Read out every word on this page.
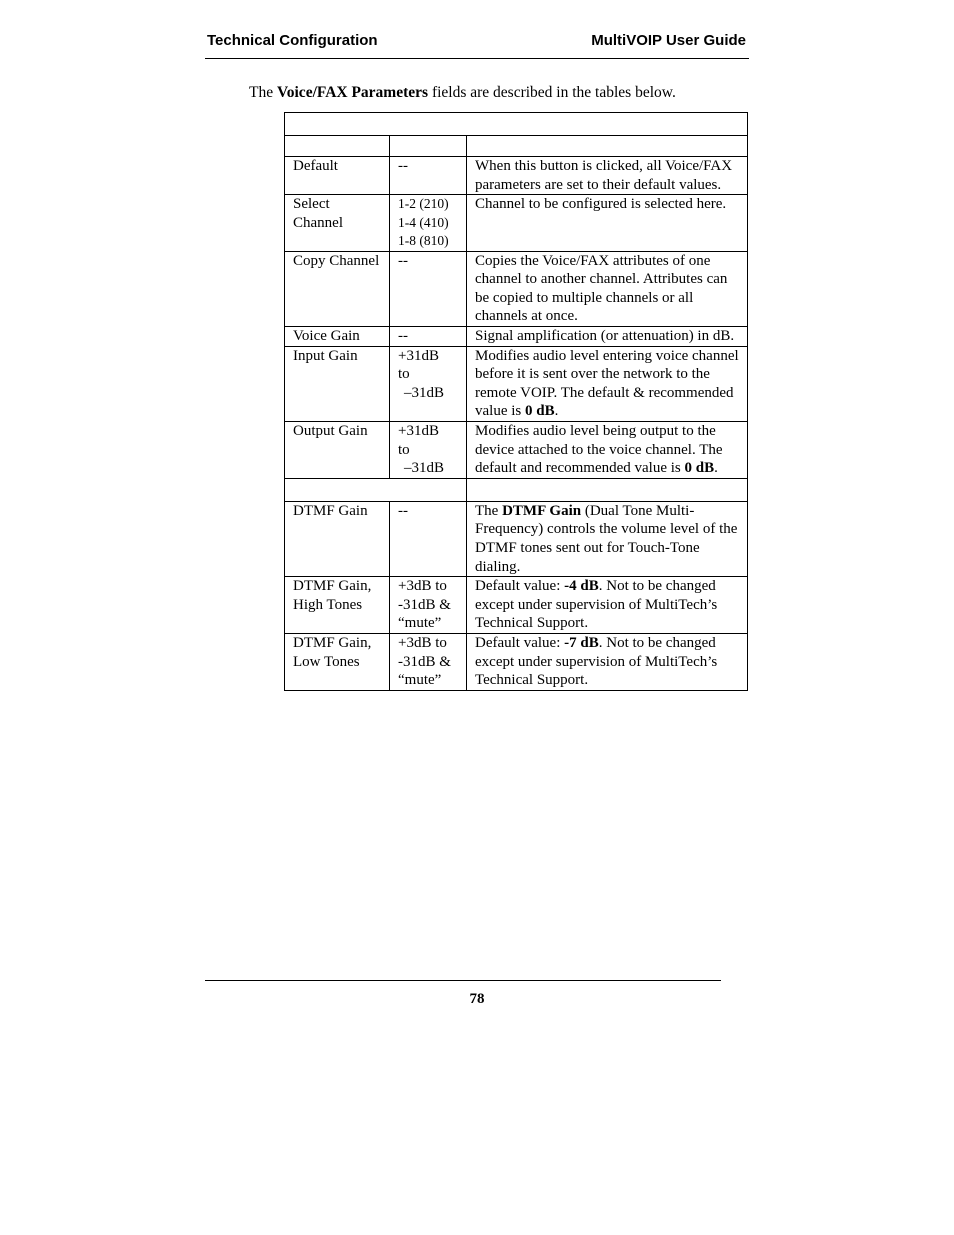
Technical Configuration	MultiVOIP User Guide
The Voice/FAX Parameters fields are described in the tables below.

Default	--	When this button is clicked, all Voice/FAX parameters are set to their default values.
Select Channel	1-2 (210)
1-4 (410)
1-8 (810)	Channel to be configured is selected here.
Copy Channel	--	Copies the Voice/FAX attributes of one channel to another channel. Attributes can be copied to multiple channels or all channels at once.
Voice Gain	--	Signal amplification (or attenuation) in dB.
Input Gain	+31dB
to
–31dB	Modifies audio level entering voice channel before it is sent over the network to the remote VOIP. The default & recommended value is 0 dB.
Output Gain	+31dB
to
–31dB	Modifies audio level being output to the device attached to the voice channel. The default and recommended value is 0 dB.

DTMF Gain	--	The DTMF Gain (Dual Tone Multi-Frequency) controls the volume level of the DTMF tones sent out for Touch-Tone dialing.
DTMF Gain, High Tones	+3dB to -31dB & “mute”	Default value: -4 dB. Not to be changed except under supervision of MultiTech’s Technical Support.
DTMF Gain, Low Tones	+3dB to -31dB & “mute”	Default value: -7 dB. Not to be changed except under supervision of MultiTech’s Technical Support.
78
